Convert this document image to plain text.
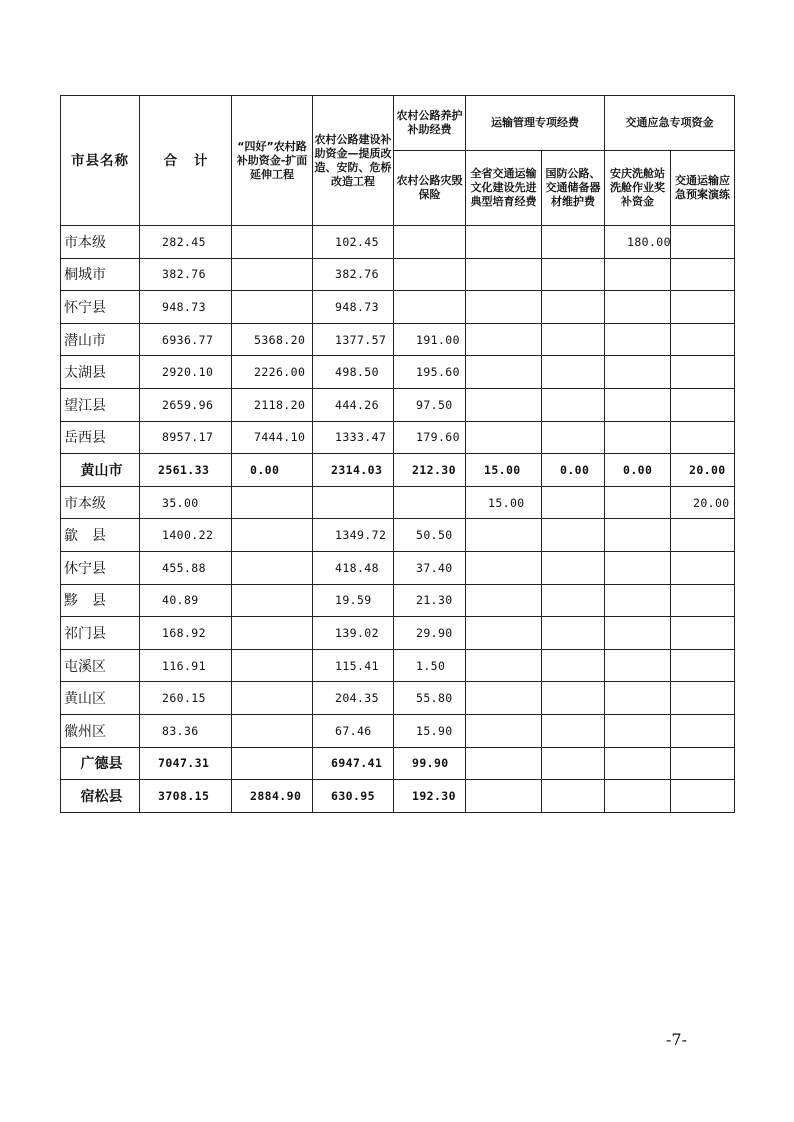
市县名称	合 计	“四好”农村路补助资金-扩面延伸工程	农村公路建设补助资金—提质改造、安防、危桥改造工程	农村公路养护补助经费	运输管理专项经费		交通应急专项资金	
				农村公路灾毁保险	全省交通运输文化建设先进典型培育经费	国防公路、交通储备器材维护费	安庆洗舱站洗舱作业奖补资金	交通运输应急预案演练
市本级	282.45		102.45				180.00	
桐城市	382.76		382.76					
怀宁县	948.73		948.73					
潜山市	6936.77	5368.20	1377.57	191.00				
太湖县	2920.10	2226.00	498.50	195.60				
望江县	2659.96	2118.20	444.26	97.50				
岳西县	8957.17	7444.10	1333.47	179.60				
黄山市	2561.33	0.00	2314.03	212.30	15.00	0.00	0.00	20.00
市本级	35.00				15.00			20.00
歙　县	1400.22		1349.72	50.50				
休宁县	455.88		418.48	37.40				
黟　县	40.89		19.59	21.30				
祁门县	168.92		139.02	29.90				
屯溪区	116.91		115.41	1.50				
黄山区	260.15		204.35	55.80				
徽州区	83.36		67.46	15.90				
广德县	7047.31		6947.41	99.90				
宿松县	3708.15	2884.90	630.95	192.30				
-7-
